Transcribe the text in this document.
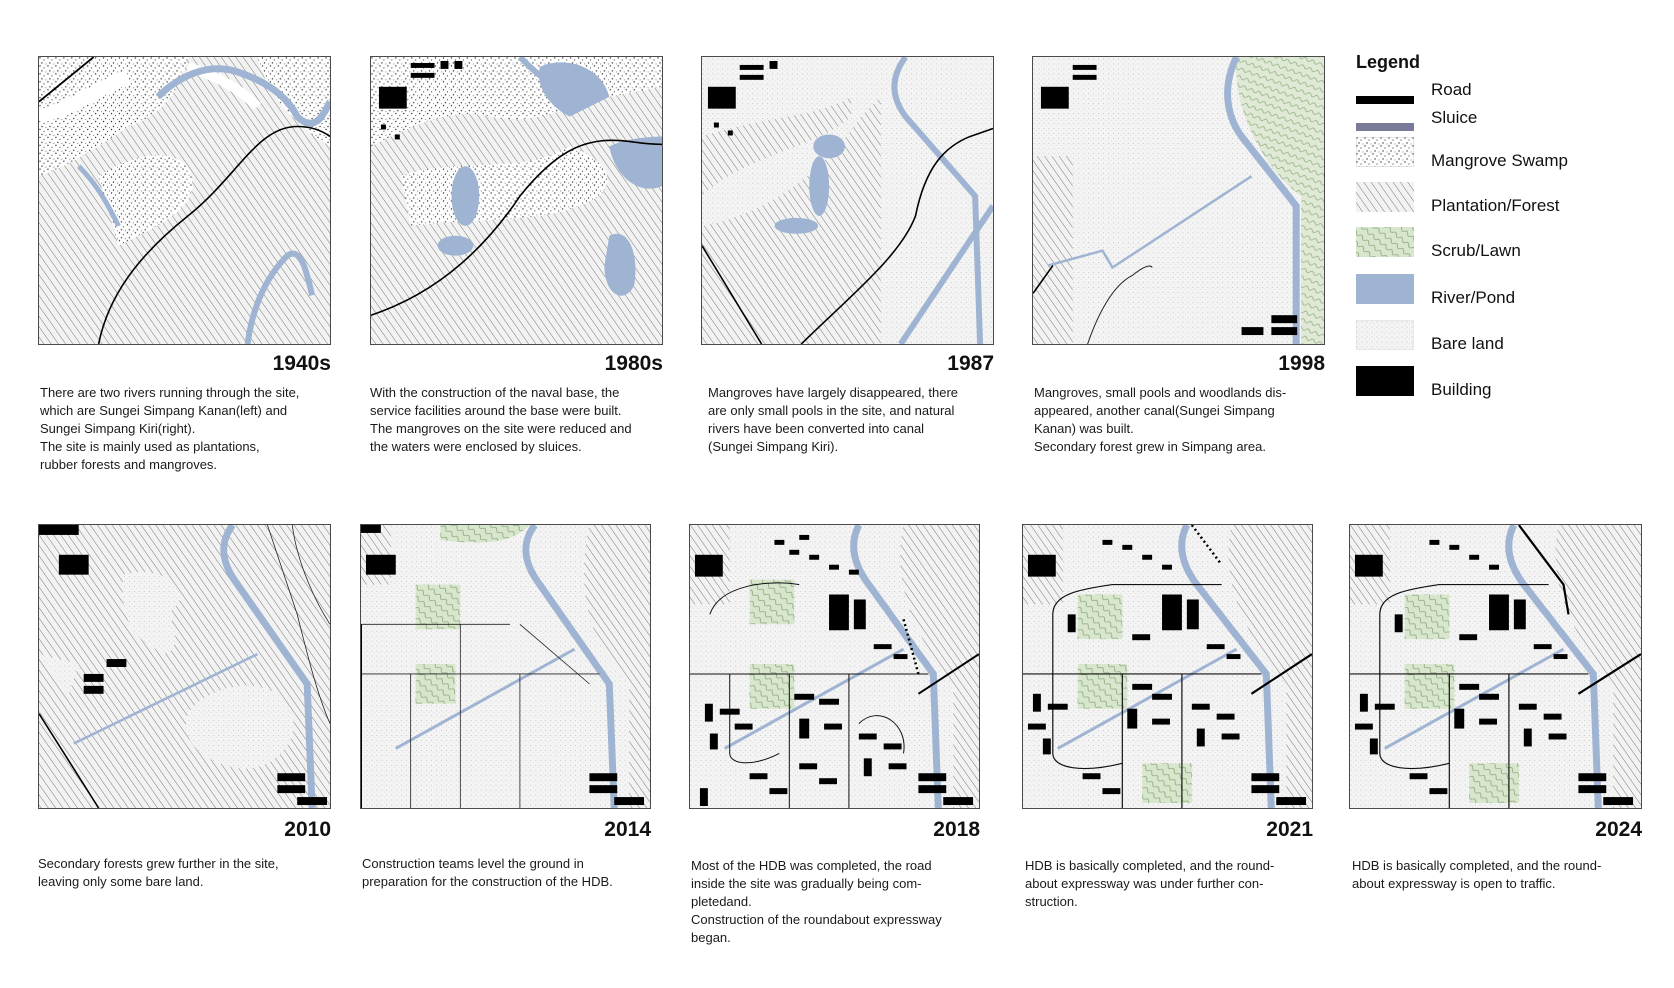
1940s
There are two rivers running through the site,
which are Sungei Simpang Kanan(left) and
Sungei Simpang Kiri(right).
The site is mainly used as plantations,
rubber forests and mangroves.
1980s
With the construction of the naval base, the
service facilities around the base were built.
The mangroves on the site were reduced and
the waters were enclosed by sluices.
1987
Mangroves have largely disappeared, there
are only small pools in the site, and natural
rivers have been converted into canal
(Sungei Simpang Kiri).
1998
Mangroves, small pools and woodlands dis-
appeared, another canal(Sungei Simpang
Kanan) was built.
Secondary forest grew in Simpang area.
Legend
Road
Sluice
Mangrove Swamp
Plantation/Forest
Scrub/Lawn
River/Pond
Bare land
Building
2010
Secondary forests grew further in the site,
leaving only some bare land.
2014
Construction teams level the ground in
preparation for the construction of the HDB.
2018
Most of the HDB was completed, the road
inside the site was gradually being com-
pletedand.
Construction of the roundabout expressway
began.
2021
HDB is basically completed, and the round-
about expressway was under further con-
struction.
2024
HDB is basically completed, and the round-
about expressway is open to traffic.
